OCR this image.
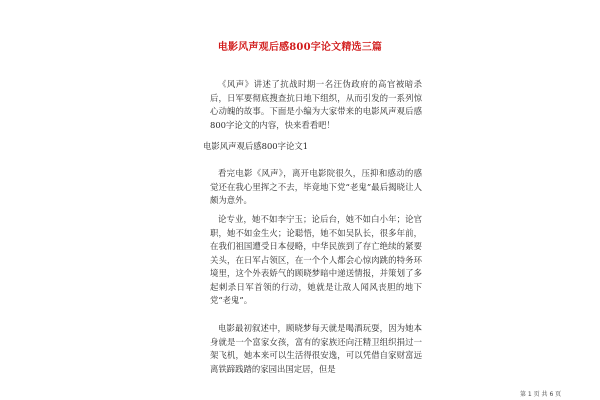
电影风声观后感800字论文精选三篇

《风声》讲述了抗战时期一名汪伪政府的高官被暗杀后，日军要彻底搜查抗日地下组织，从而引发的一系列惊心动魄的故事。下面是小编为大家带来的电影风声观后感800字论文的内容，快来看看吧！

电影风声观后感800字论文1

看完电影《风声》，离开电影院很久，压抑和感动的感觉还在我心里挥之不去，毕竟地下党“老鬼”最后揭晓让人颇为意外。

论专业，她不如李宁玉；论后台，她不如白小年；论官职，她不如金生火；论聪悟，她不如吴队长，很多年前，在我们祖国遭受日本侵略，中华民族到了存亡绝续的紧要关头，在日军占领区，在一个个人都会心惊肉跳的特务环境里，这个外表娇气的顾晓梦暗中递送情报，并策划了多起刺杀日军首领的行动，她就是让敌人闻风丧胆的地下党“老鬼”。

电影最初叙述中，顾晓梦每天就是喝酒玩耍，因为她本身就是一个富家女孩，富有的家族还向汪精卫组织捐过一架飞机，她本来可以生活得很安逸，可以凭借自家财富远离铁蹄践踏的家园出国定居，但是

第 1 页 共 6 页
